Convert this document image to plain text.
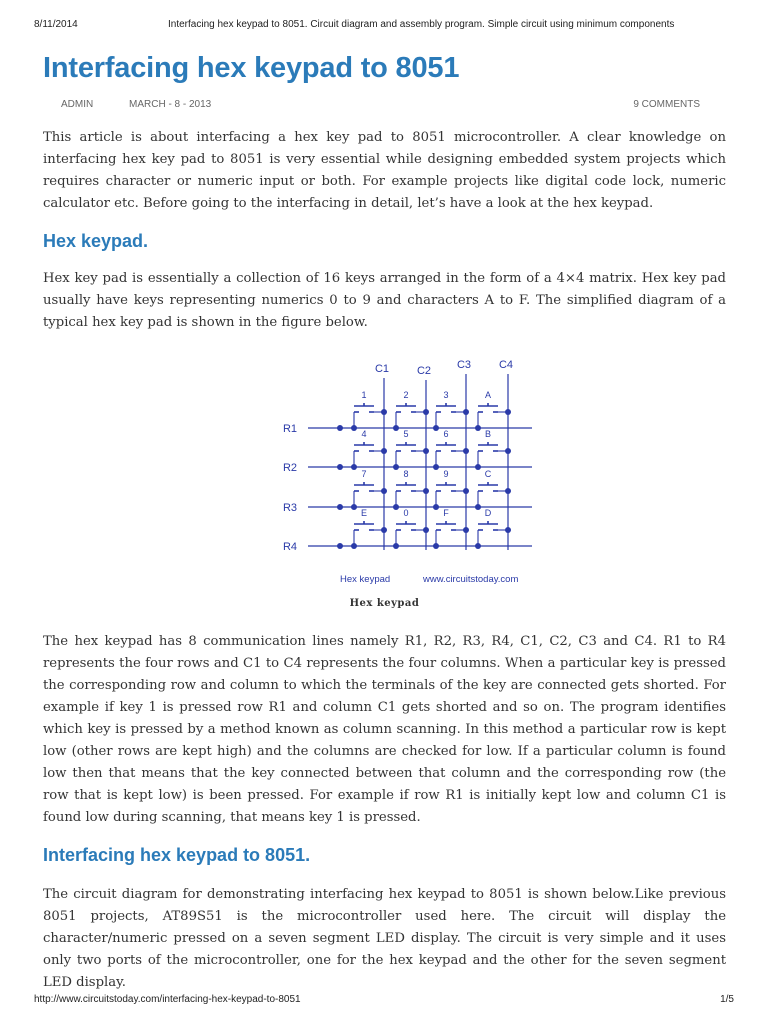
8/11/2014	Interfacing hex keypad to 8051. Circuit diagram and assembly program. Simple circuit using minimum components
Interfacing hex keypad to 8051
ADMIN	MARCH - 8 - 2013	9 COMMENTS

This article is about interfacing a hex key pad to 8051 microcontroller. A clear knowledge on interfacing hex key pad to 8051 is very essential while designing embedded system projects which requires character or numeric input or both. For example projects like digital code lock, numeric calculator etc. Before going to the interfacing in detail, let’s have a look at the hex keypad.

Hex keypad.

Hex key pad is essentially a collection of 16 keys arranged in the form of a 4×4 matrix. Hex key pad usually have keys representing numerics 0 to 9 and characters A to F. The simplified diagram of a typical hex key pad is shown in the figure below.

C1	C2 C3	C4
R1
R2
R3
R4
1	2	3	A
4	5	6	B
7	8	9	C
E	0	F	D
Hex keypad	www.circuitstoday.com
Hex keypad

The hex keypad has 8 communication lines namely R1, R2, R3, R4, C1, C2, C3 and C4. R1 to R4 represents the four rows and C1 to C4 represents the four columns. When a particular key is pressed the corresponding row and column to which the terminals of the key are connected gets shorted. For example if key 1 is pressed row R1 and column C1 gets shorted and so on. The program identifies which key is pressed by a method known as column scanning. In this method a particular row is kept low (other rows are kept high) and the columns are checked for low. If a particular column is found low then that means that the key connected between that column and the corresponding row (the row that is kept low) is been pressed. For example if row R1 is initially kept low and column C1 is found low during scanning, that means key 1 is pressed.

Interfacing hex keypad to 8051.

The circuit diagram for demonstrating interfacing hex keypad to 8051 is shown below.Like previous 8051 projects, AT89S51 is the microcontroller used here. The circuit will display the character/numeric pressed on a seven segment LED display. The circuit is very simple and it uses only two ports of the microcontroller, one for the hex keypad and the other for the seven segment LED display.

http://www.circuitstoday.com/interfacing-hex-keypad-to-8051	1/5
